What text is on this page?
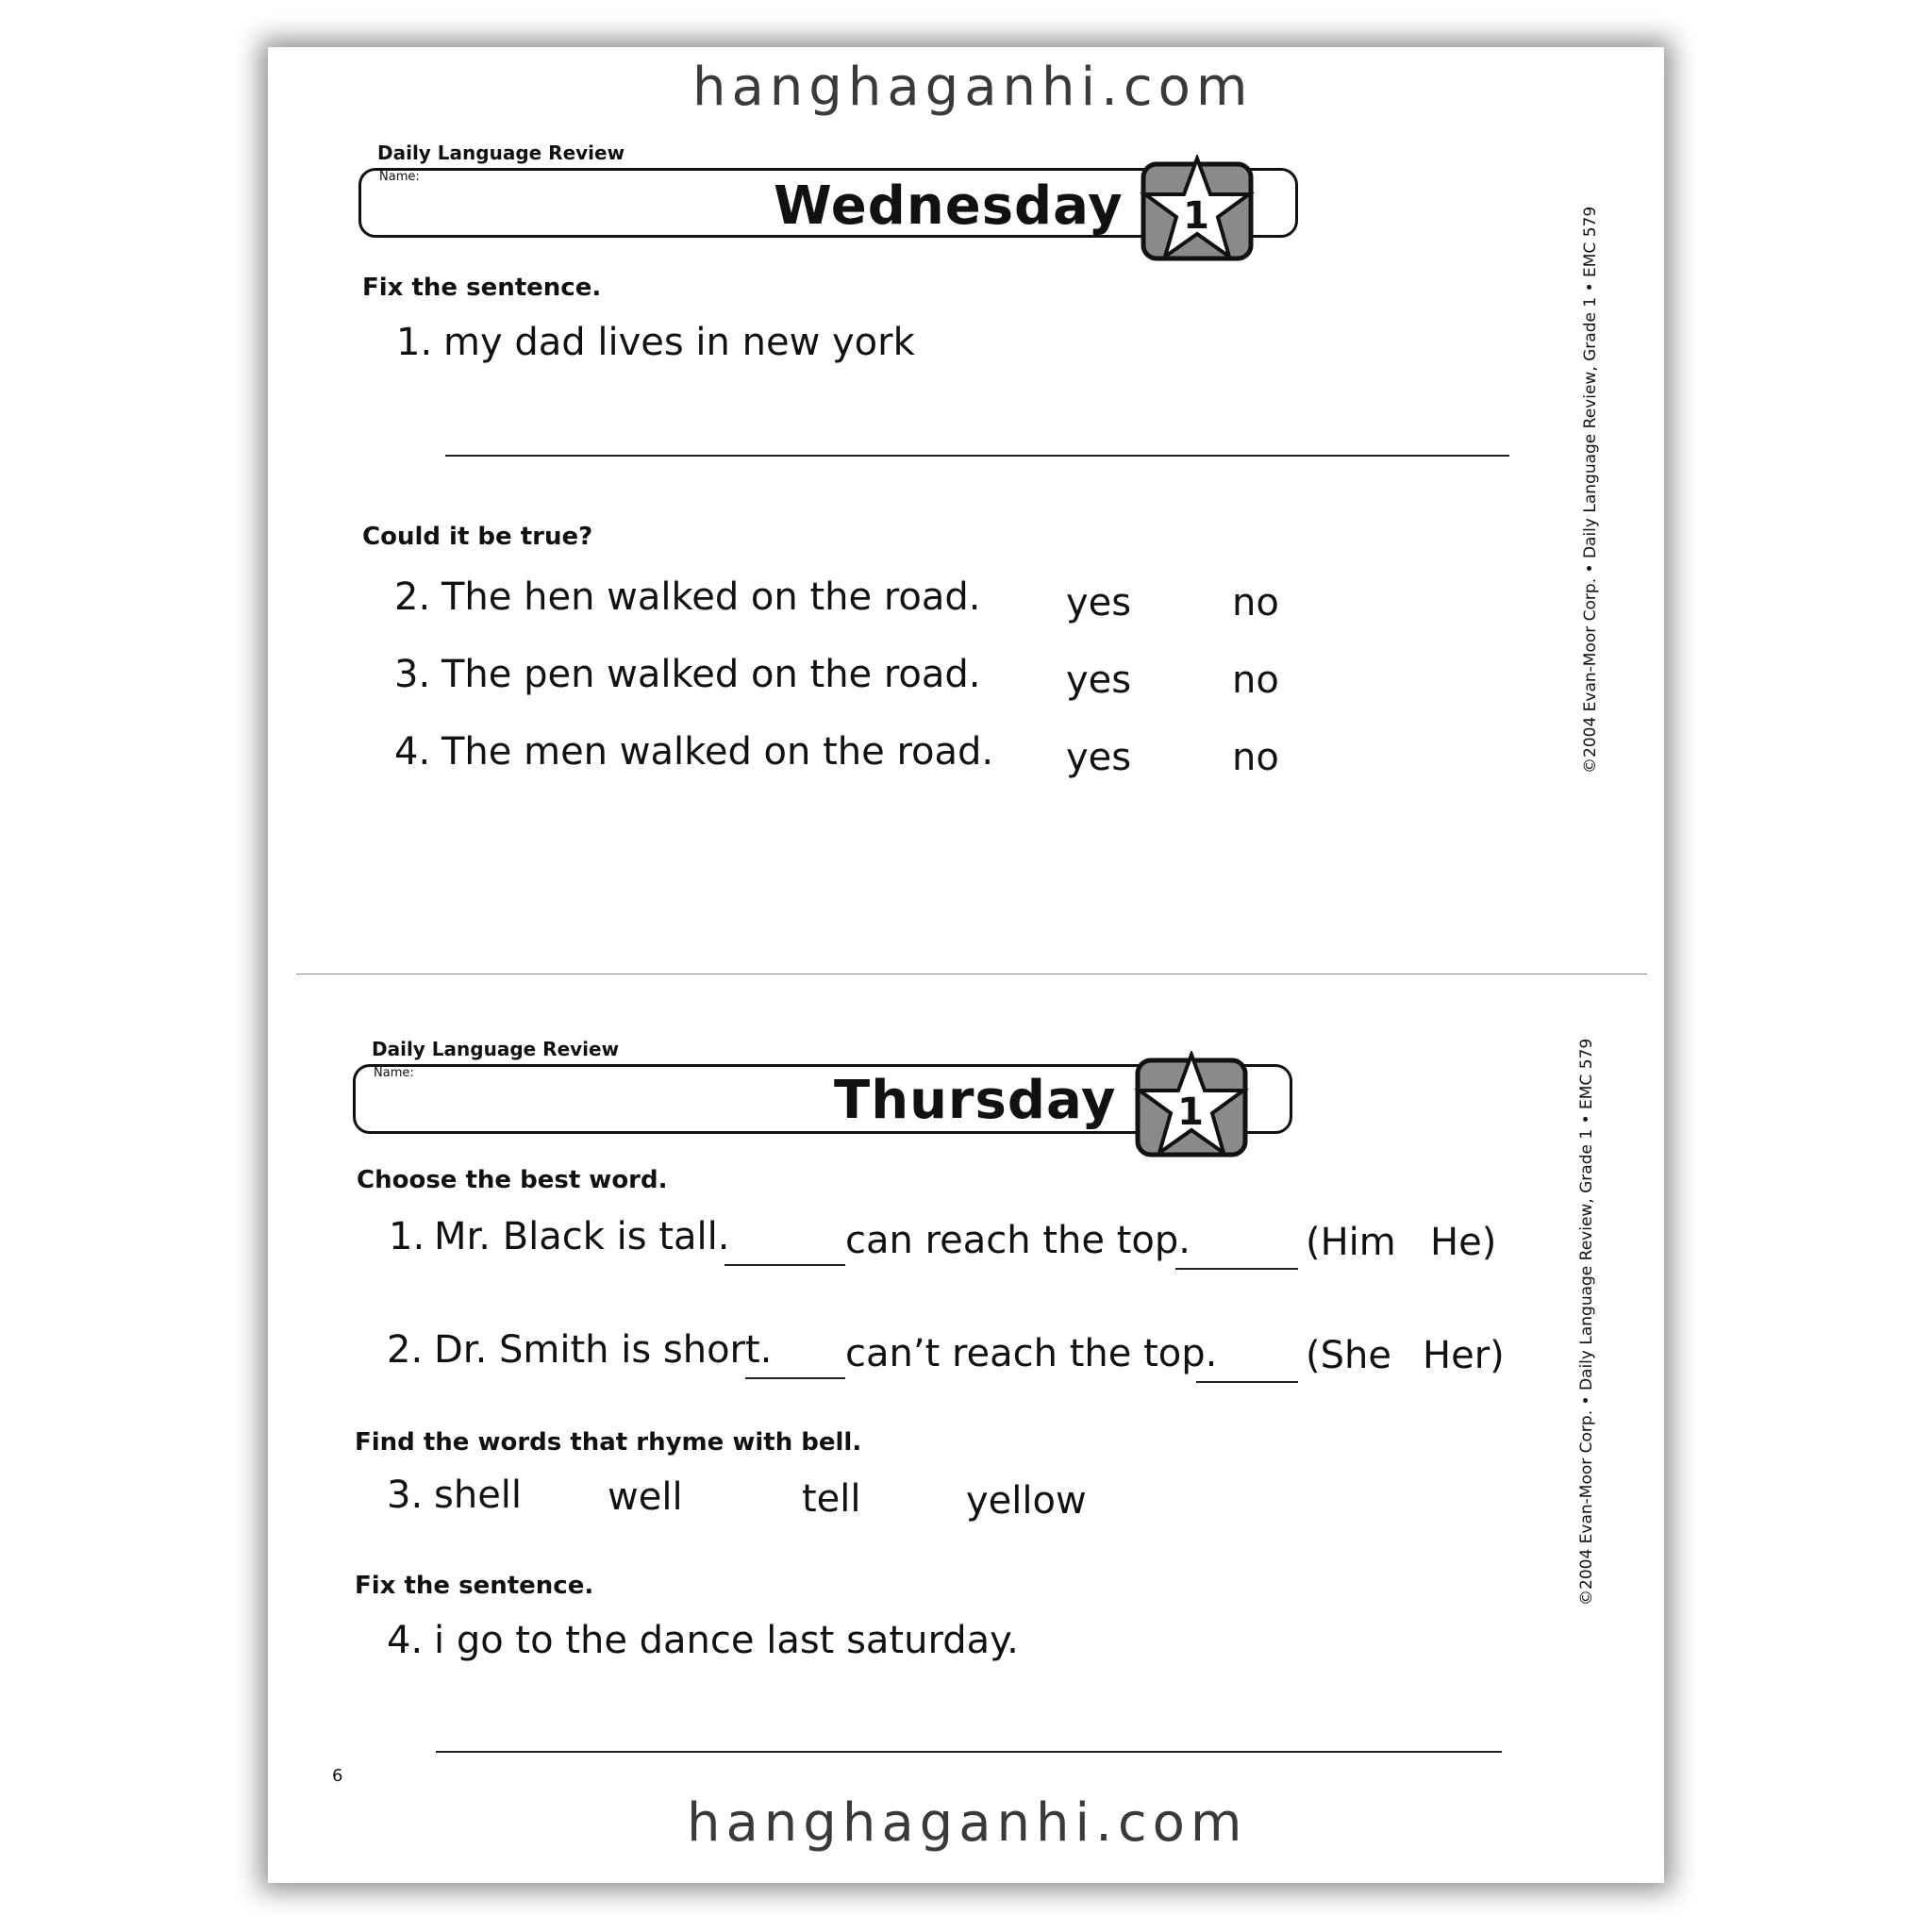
hanghaganhi.com
Daily Language Review
Name:	Wednesday 1
Fix the sentence.
1. my dad lives in new york
Could it be true?
2. The hen walked on the road. yes	no
3. The pen walked on the road. yes	no
4. The men walked on the road. yes	no	©2004 Evan-Moor Corp. • Daily Language Review, Grade 1 • EMC 579
Daily Language Review
Name:	Thursday 1
Choose the best word.
1. Mr. Black is tall.	can reach the top.	(Him He)
2. Dr. Smith is short. can’t reach the top. (She Her)
Find the words that rhyme with bell.
3. shell well	tell	yellow
Fix the sentence.
4. i go to the dance last saturday.
©2004 Evan-Moor Corp. • Daily Language Review, Grade 1 • EMC 579
6
hanghaganhi.com
